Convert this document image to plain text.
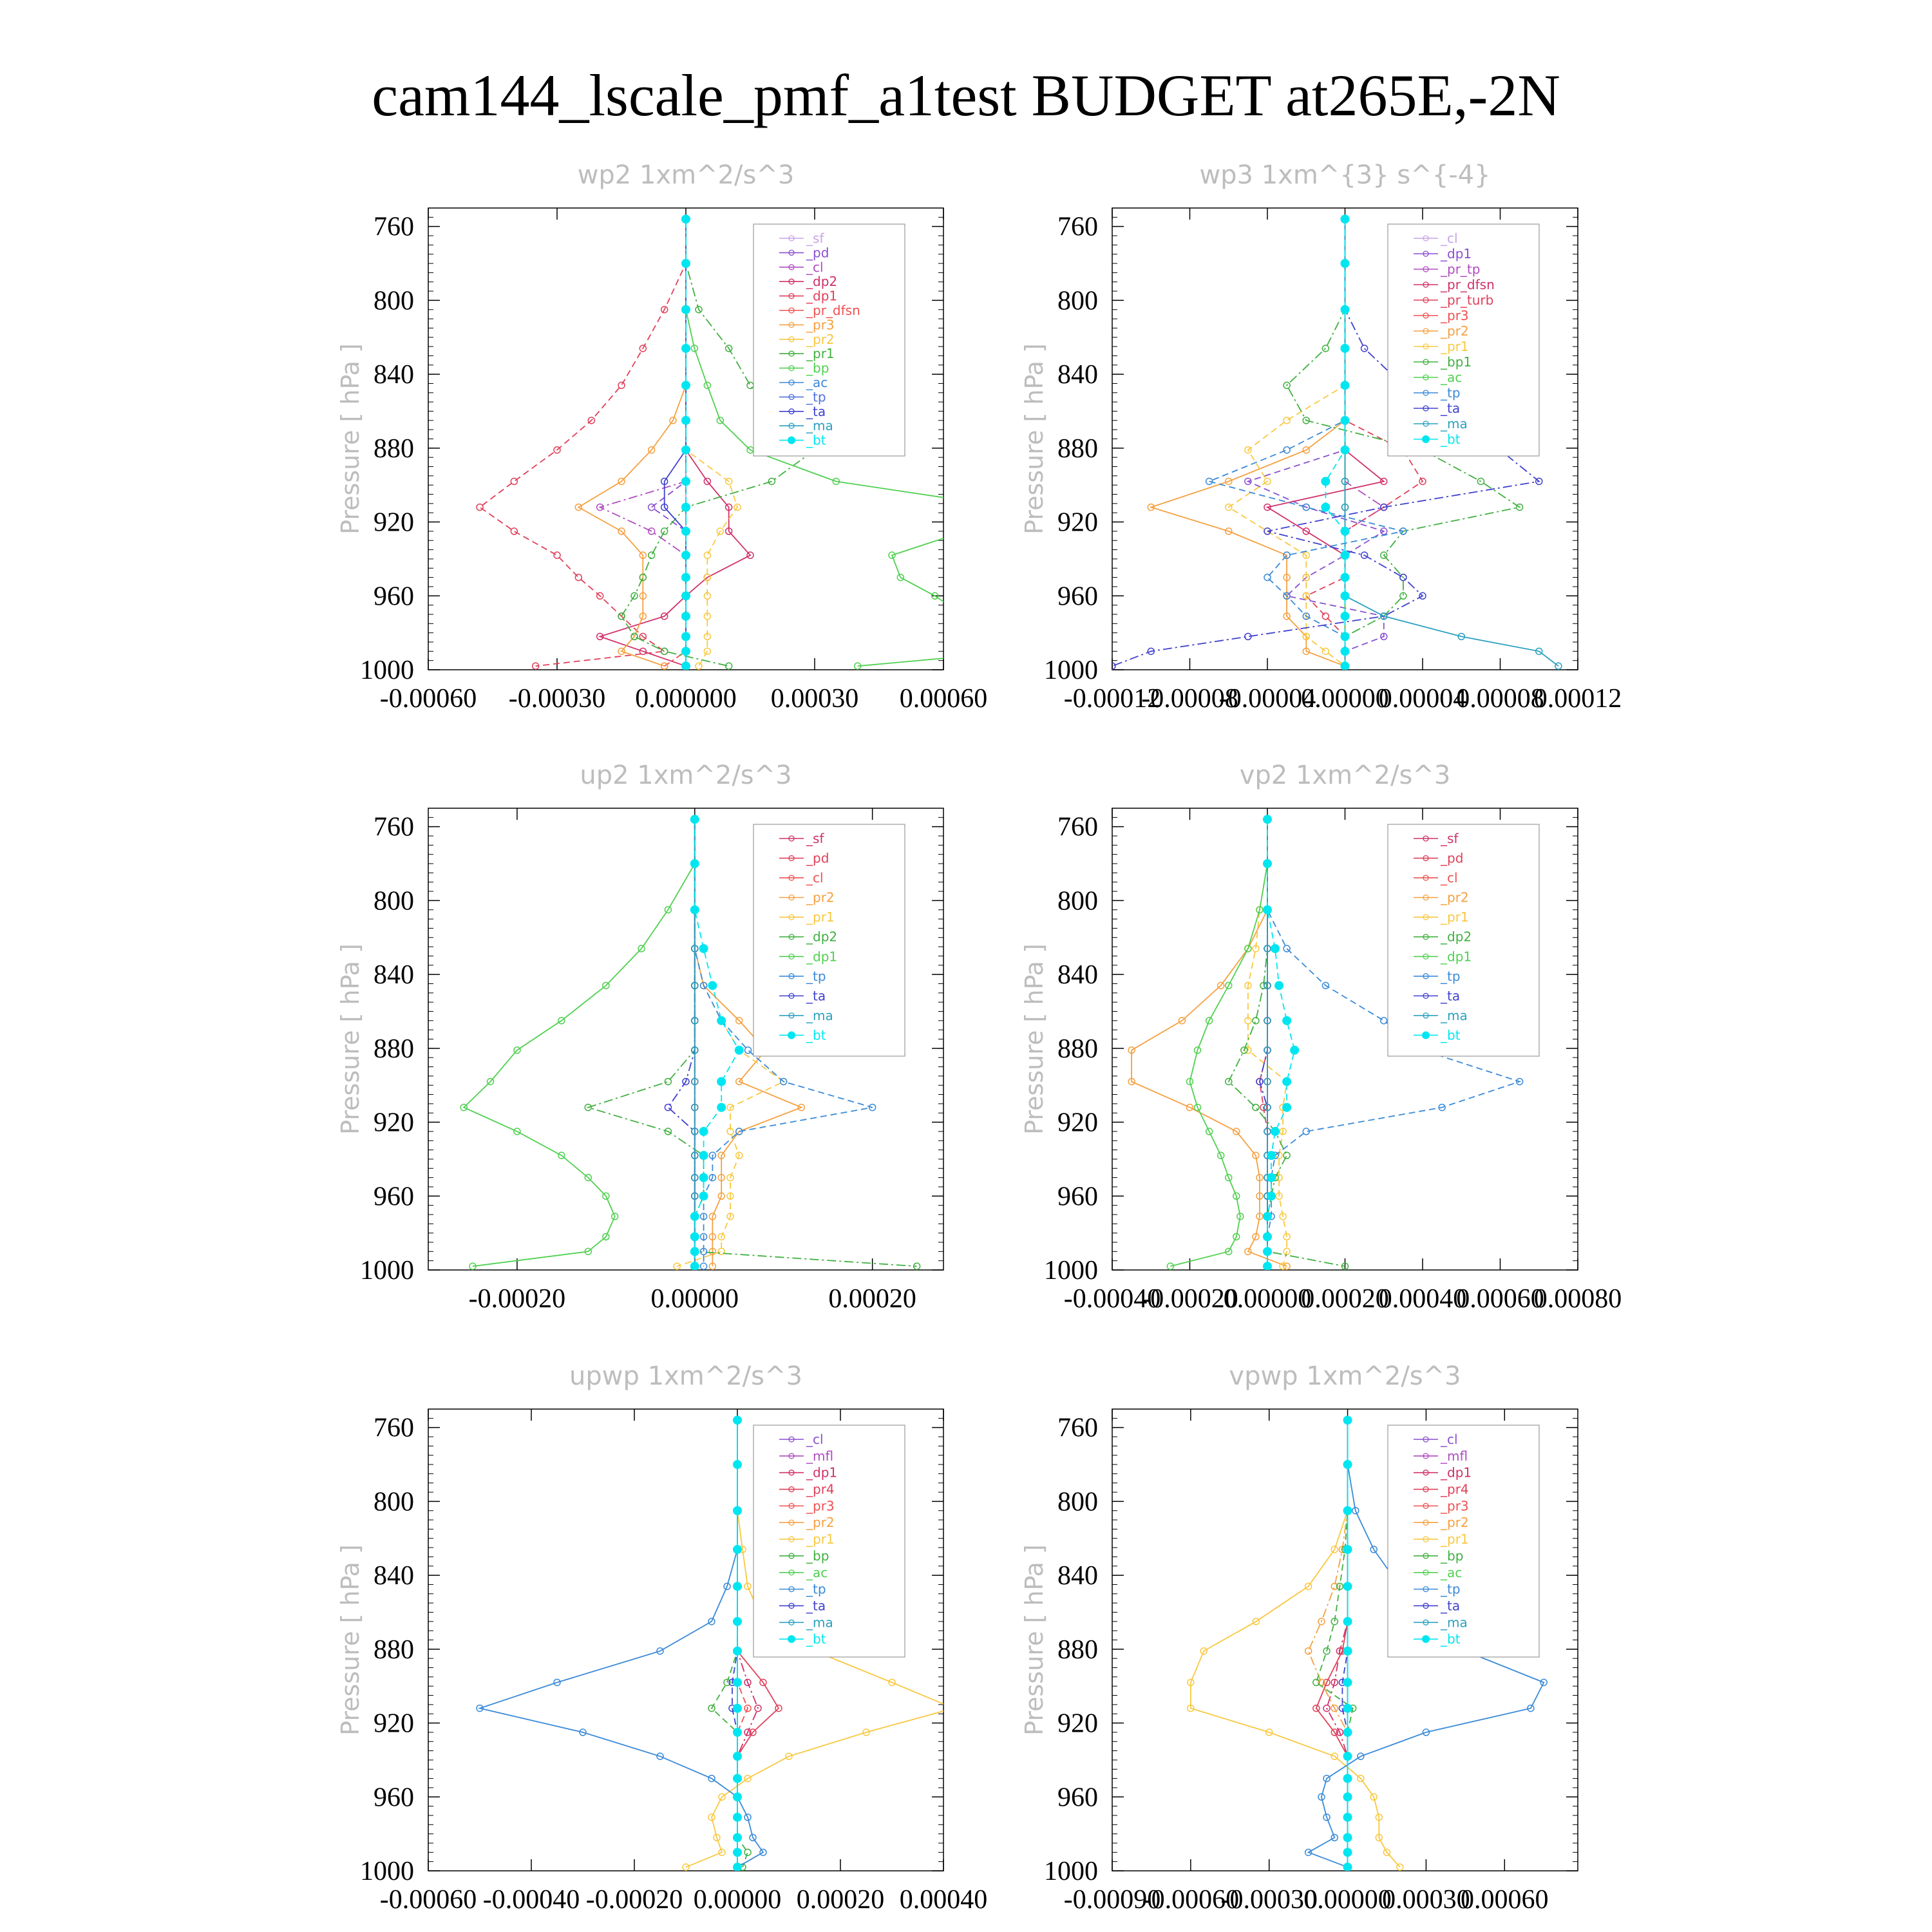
cam144_lscale_pmf_a1test BUDGET at265E,-2N
760
800
840
880
920
960
1000
-0.00060 -0.00030 0.000000 0.00030 0.00060
wp2 1xm^2/s^3
Pressure [ hPa ]
_sf
_pd
_cl
_dp2
_dp1
_pr_dfsn
_pr3
_pr2
_pr1
_bp
_ac
_tp
_ta
_ma
_bt
760
800
840
880
920
960
1000
-0.00012
-0.00008
-0.00004
0.00000
0.00004
0.00008
0.00012
wp3 1xm^{3} s^{-4}
Pressure [ hPa ]
_cl
_dp1
_pr_tp
_pr_dfsn
_pr_turb
_pr3
_pr2
_pr1
_bp1
_ac
_tp
_ta
_ma
_bt
760
800
840
880
920
960
1000
-0.00020	0.00000	0.00020
up2 1xm^2/s^3
Pressure [ hPa ]
_sf
_pd
_cl
_pr2
_pr1
_dp2
_dp1
_tp
_ta
_ma
_bt
760
800
840
880
920
960
1000
-0.00040
-0.00020
0.00000
0.00020
0.00040
0.00060
0.00080
vp2 1xm^2/s^3
Pressure [ hPa ]
_sf
_pd
_cl
_pr2
_pr1
_dp2
_dp1
_tp
_ta
_ma
_bt
760
800
840
880
920
960
1000
-0.00060 -0.00040 -0.00020 0.00000 0.00020 0.00040
upwp 1xm^2/s^3
Pressure [ hPa ]
_cl
_mfl
_dp1
_pr4
_pr3
_pr2
_pr1
_bp
_ac
_tp
_ta
_ma
_bt
760
800
840
880
920
960
1000
-0.00090
-0.00060
-0.00030
0.00000
0.00030
0.00060
vpwp 1xm^2/s^3
Pressure [ hPa ]
_cl
_mfl
_dp1
_pr4
_pr3
_pr2
_pr1
_bp
_ac
_tp
_ta
_ma
_bt
